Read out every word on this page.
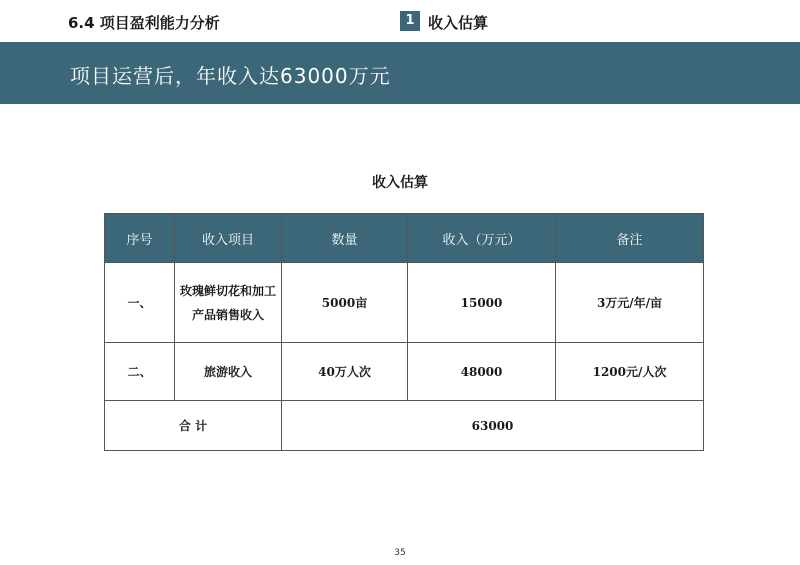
6.4 项目盈利能力分析	1 收入估算
项目运营后，年收入达63000万元
收入估算
序号	收入项目	数量	收入（万元）	备注
一、	玫瑰鲜切花和加工产品销售收入	5000亩	15000	3万元/年/亩
二、	旅游收入	40万人次	48000	1200元/人次
合 计		63000		
35
